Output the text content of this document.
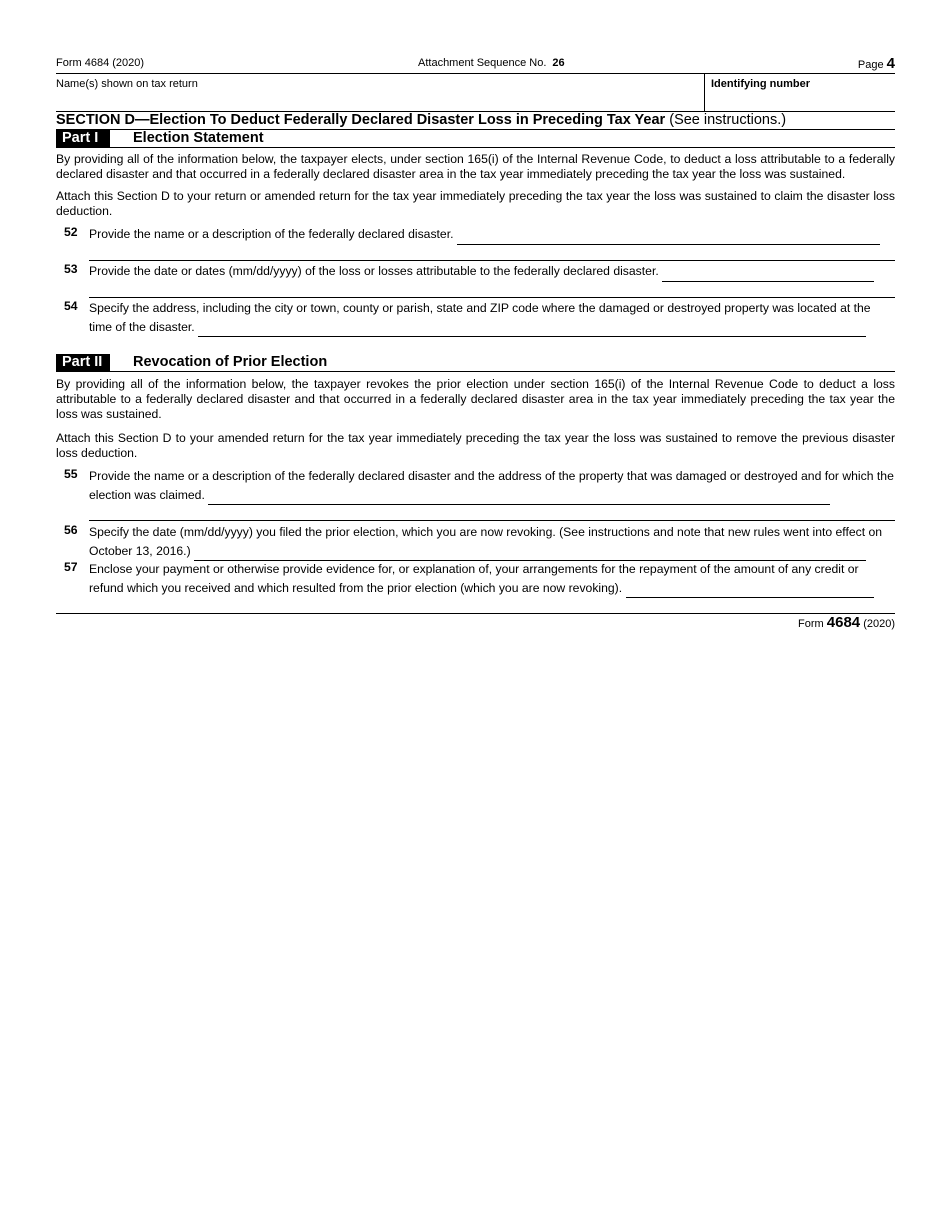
Form 4684 (2020)	Attachment Sequence No. 26	Page 4
Name(s) shown on tax return	Identifying number
SECTION D—Election To Deduct Federally Declared Disaster Loss in Preceding Tax Year (See instructions.)
Part I	Election Statement
By providing all of the information below, the taxpayer elects, under section 165(i) of the Internal Revenue Code, to deduct a loss attributable to a federally declared disaster and that occurred in a federally declared disaster area in the tax year immediately preceding the tax year the loss was sustained.
Attach this Section D to your return or amended return for the tax year immediately preceding the tax year the loss was sustained to claim the disaster loss deduction.
52 Provide the name or a description of the federally declared disaster.
53 Provide the date or dates (mm/dd/yyyy) of the loss or losses attributable to the federally declared disaster.
54 Specify the address, including the city or town, county or parish, state and ZIP code where the damaged or destroyed property was located at the time of the disaster.
Part II	Revocation of Prior Election
By providing all of the information below, the taxpayer revokes the prior election under section 165(i) of the Internal Revenue Code to deduct a loss attributable to a federally declared disaster and that occurred in a federally declared disaster area in the tax year immediately preceding the tax year the loss was sustained.
Attach this Section D to your amended return for the tax year immediately preceding the tax year the loss was sustained to remove the previous disaster loss deduction.
55 Provide the name or a description of the federally declared disaster and the address of the property that was damaged or destroyed and for which the election was claimed.
56 Specify the date (mm/dd/yyyy) you filed the prior election, which you are now revoking. (See instructions and note that new rules went into effect on October 13, 2016.)
57 Enclose your payment or otherwise provide evidence for, or explanation of, your arrangements for the repayment of the amount of any credit or refund which you received and which resulted from the prior election (which you are now revoking).
Form 4684 (2020)
